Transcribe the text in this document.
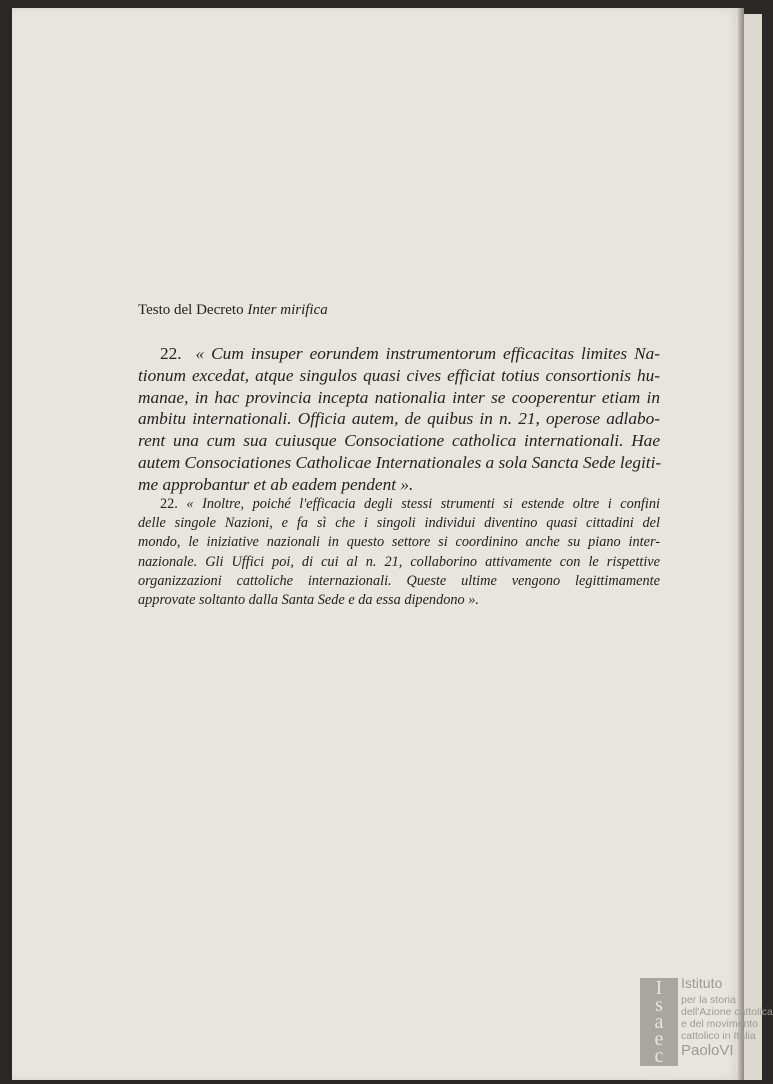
Testo del Decreto Inter mirifica
22. « Cum insuper eorundem instrumentorum efficacitas limites Na-
tionum excedat, atque singulos quasi cives efficiat totius consortionis hu-
manae, in hac provincia incepta nationalia inter se cooperentur etiam in
ambitu internationali. Officia autem, de quibus in n. 21, operose adlabo-
rent una cum sua cuiusque Consociatione catholica internationali. Hae
autem Consociationes Catholicae Internationales a sola Sancta Sede legiti-
me approbantur et ab eadem pendent ».
22. « Inoltre, poiché l'efficacia degli stessi strumenti si estende oltre i confini
delle singole Nazioni, e fa sì che i singoli individui diventino quasi cittadini del
mondo, le iniziative nazionali in questo settore si coordinino anche su piano inter-
nazionale. Gli Uffici poi, di cui al n. 21, collaborino attivamente con le rispettive
organizzazioni cattoliche internazionali. Queste ultime vengono legittimamente
approvate soltanto dalla Santa Sede e da essa dipendono ».
I
s
a
e
c
m
Istituto
per la storia
dell'Azione cattolica
e del movimento
cattolico in Italia
PaoloVI
